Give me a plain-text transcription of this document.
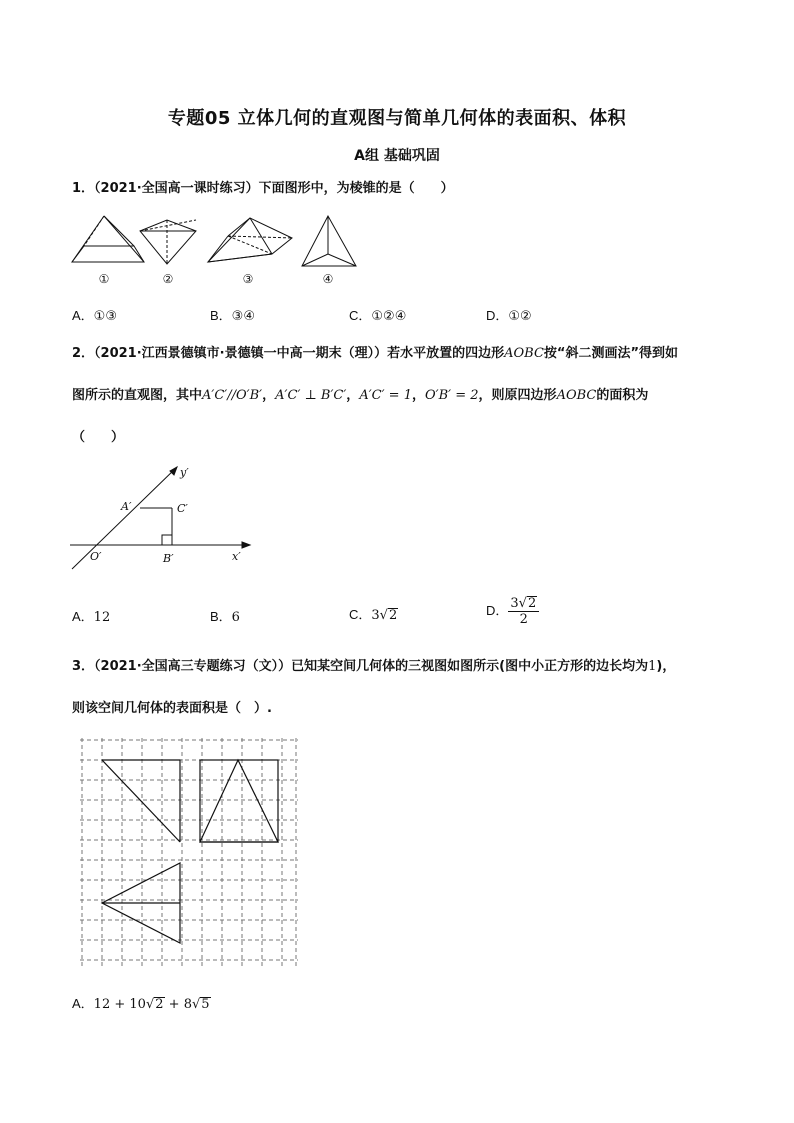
专题05 立体几何的直观图与简单几何体的表面积、体积
A组 基础巩固
1．（2021·全国高一课时练习）下面图形中，为棱锥的是（　　）
①	②	③	④
A．①③	B．③④	C．①②④	D．①②
2．（2021·江西景德镇市·景德镇一中高一期末（理））若水平放置的四边形AOBC按“斜二测画法”得到如
图所示的直观图，其中A′C′//O′B′，A′C′ ⊥ B′C′，A′C′ = 1，O′B′ = 2，则原四边形AOBC的面积为
（　　）
y′
x′
O′
A′
B′
C′
A．12	B．6	C．3√2	D． $\frac{3√2}{2}$
3．（2021·全国高三专题练习（文））已知某空间几何体的三视图如图所示(图中小正方形的边长均为1)，
则该空间几何体的表面积是（　）.
A．12 + 10√2 + 8√5
